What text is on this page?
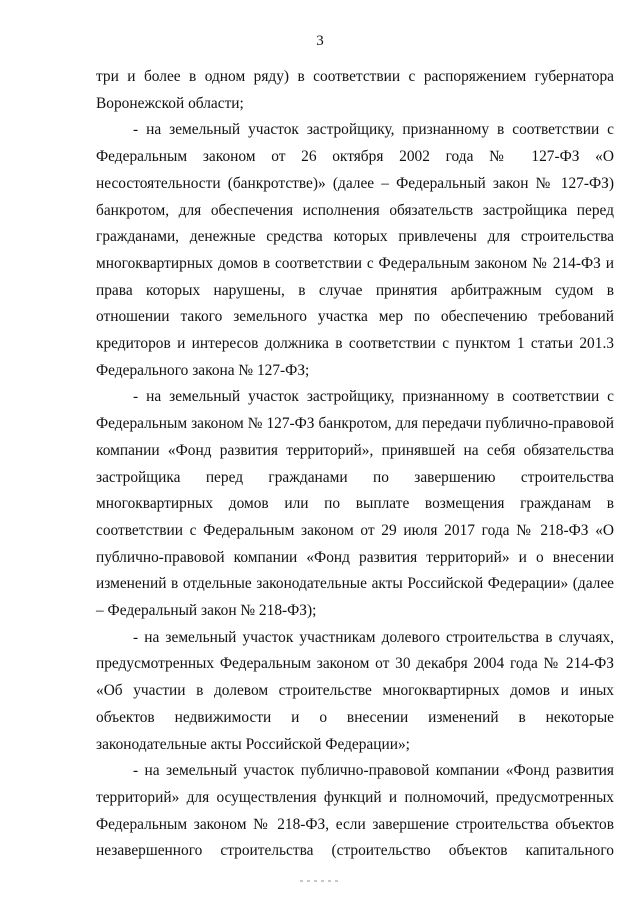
3

три и более в одном ряду) в соответствии с распоряжением губернатора Воронежской области;

- на земельный участок застройщику, признанному в соответствии с Федеральным законом от 26 октября 2002 года № 127-ФЗ «О несостоятельности (банкротстве)» (далее – Федеральный закон № 127-ФЗ) банкротом, для обеспечения исполнения обязательств застройщика перед гражданами, денежные средства которых привлечены для строительства многоквартирных домов в соответствии с Федеральным законом № 214-ФЗ и права которых нарушены, в случае принятия арбитражным судом в отношении такого земельного участка мер по обеспечению требований кредиторов и интересов должника в соответствии с пунктом 1 статьи 201.3 Федерального закона № 127-ФЗ;

- на земельный участок застройщику, признанному в соответствии с Федеральным законом № 127-ФЗ банкротом, для передачи публично-правовой компании «Фонд развития территорий», принявшей на себя обязательства застройщика перед гражданами по завершению строительства многоквартирных домов или по выплате возмещения гражданам в соответствии с Федеральным законом от 29 июля 2017 года № 218-ФЗ «О публично-правовой компании «Фонд развития территорий» и о внесении изменений в отдельные законодательные акты Российской Федерации» (далее – Федеральный закон № 218-ФЗ);

- на земельный участок участникам долевого строительства в случаях, предусмотренных Федеральным законом от 30 декабря 2004 года № 214-ФЗ «Об участии в долевом строительстве многоквартирных домов и иных объектов недвижимости и о внесении изменений в некоторые законодательные акты Российской Федерации»;

- на земельный участок публично-правовой компании «Фонд развития территорий» для осуществления функций и полномочий, предусмотренных Федеральным законом № 218-ФЗ, если завершение строительства объектов незавершенного строительства (строительство объектов капитального
